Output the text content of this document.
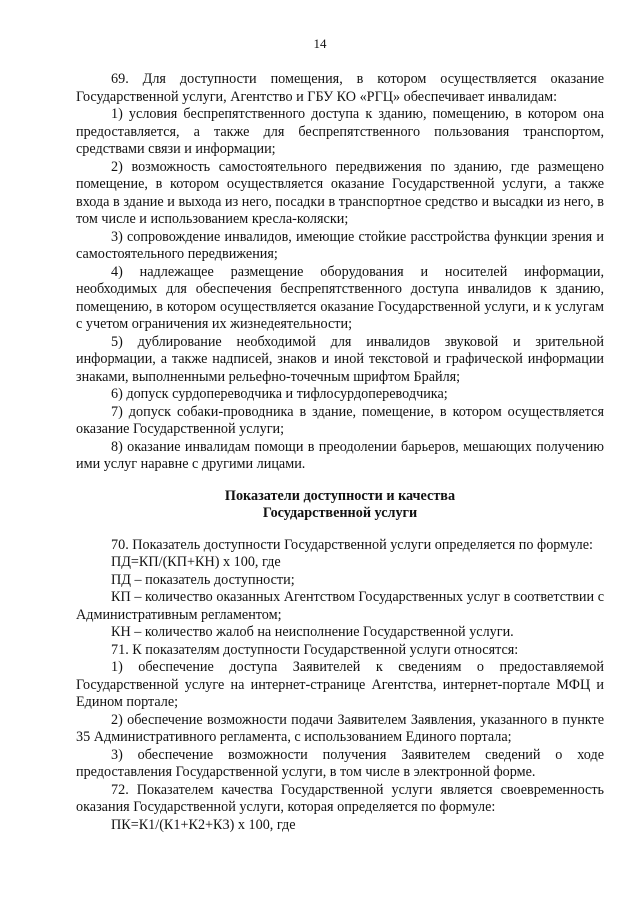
14

69. Для доступности помещения, в котором осуществляется оказание Государственной услуги, Агентство и ГБУ КО «РГЦ» обеспечивает инвалидам:

1) условия беспрепятственного доступа к зданию, помещению, в котором она предоставляется, а также для беспрепятственного пользования транспортом, средствами связи и информации;

2) возможность самостоятельного передвижения по зданию, где размещено помещение, в котором осуществляется оказание Государственной услуги, а также входа в здание и выхода из него, посадки в транспортное средство и высадки из него, в том числе и использованием кресла-коляски;

3) сопровождение инвалидов, имеющие стойкие расстройства функции зрения и самостоятельного передвижения;

4) надлежащее размещение оборудования и носителей информации, необходимых для обеспечения беспрепятственного доступа инвалидов к зданию, помещению, в котором осуществляется оказание Государственной услуги, и к услугам с учетом ограничения их жизнедеятельности;

5) дублирование необходимой для инвалидов звуковой и зрительной информации, а также надписей, знаков и иной текстовой и графической информации знаками, выполненными рельефно-точечным шрифтом Брайля;

6) допуск сурдопереводчика и тифлосурдопереводчика;

7) допуск собаки-проводника в здание, помещение, в котором осуществляется оказание Государственной услуги;

8) оказание инвалидам помощи в преодолении барьеров, мешающих получению ими услуг наравне с другими лицами.

Показатели доступности и качества
Государственной услуги

70. Показатель доступности Государственной услуги определяется по формуле:

ПД=КП/(КП+КН) х 100, где

ПД – показатель доступности;

КП – количество оказанных Агентством Государственных услуг в соответствии с Административным регламентом;

КН – количество жалоб на неисполнение Государственной услуги.

71. К показателям доступности Государственной услуги относятся:

1) обеспечение доступа Заявителей к сведениям о предоставляемой Государственной услуге на интернет-странице Агентства, интернет-портале МФЦ и Едином портале;

2) обеспечение возможности подачи Заявителем Заявления, указанного в пункте 35 Административного регламента, с использованием Единого портала;

3) обеспечение возможности получения Заявителем сведений о ходе предоставления Государственной услуги, в том числе в электронной форме.

72. Показателем качества Государственной услуги является своевременность оказания Государственной услуги, которая определяется по формуле:

ПК=К1/(К1+К2+К3) х 100, где
